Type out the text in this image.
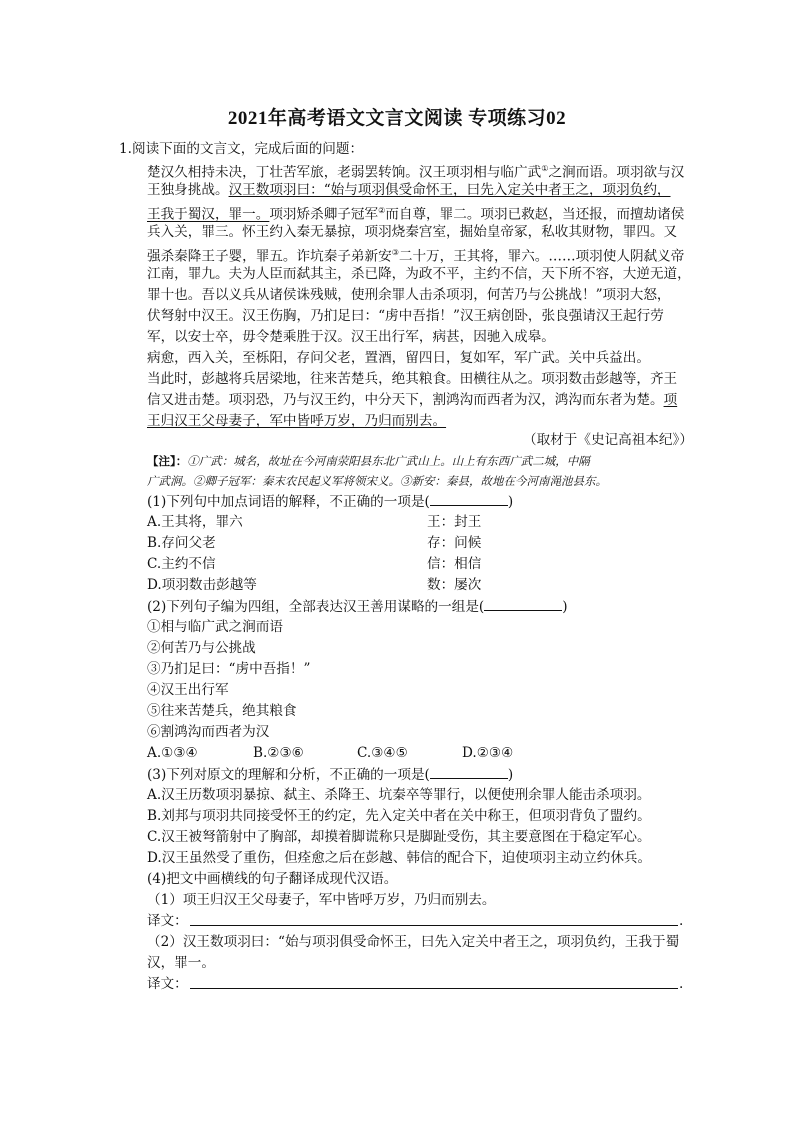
2021年高考语文文言文阅读 专项练习02
1.阅读下面的文言文，完成后面的问题：
楚汉久相持未决，丁壮苦军旅，老弱罢转饷。汉王项羽相与临广武①之涧而语。项羽欲与汉
王独身挑战。汉王数项羽曰：“始与项羽俱受命怀王，曰先入定关中者王之，项羽负约，
王我于蜀汉，罪一。项羽矫杀卿子冠军②而自尊，罪二。项羽已救赵，当还报，而擅劫诸侯
兵入关，罪三。怀王约入秦无暴掠，项羽烧秦宫室，掘始皇帝冢，私收其财物，罪四。又
强杀秦降王子婴，罪五。诈坑秦子弟新安③二十万，王其将，罪六。……项羽使人阴弑义帝
江南，罪九。夫为人臣而弑其主，杀已降，为政不平，主约不信，天下所不容，大逆无道，
罪十也。吾以义兵从诸侯诛残贼，使刑余罪人击杀项羽，何苦乃与公挑战！”项羽大怒，
伏弩射中汉王。汉王伤胸，乃扪足曰：“虏中吾指！”汉王病创卧，张良强请汉王起行劳
军，以安士卒，毋令楚乘胜于汉。汉王出行军，病甚，因驰入成皋。
病愈，西入关，至栎阳，存问父老，置酒，留四日，复如军，军广武。关中兵益出。
当此时，彭越将兵居梁地，往来苦楚兵，绝其粮食。田横往从之。项羽数击彭越等，齐王
信又进击楚。项羽恐，乃与汉王约，中分天下，割鸿沟而西者为汉，鸿沟而东者为楚。项
王归汉王父母妻子，军中皆呼万岁，乃归而别去。
（取材于《史记高祖本纪》）
【注】：①广武：城名，故址在今河南荥阳县东北广武山上。山上有东西广武二城，中隔
广武涧。②卿子冠军：秦末农民起义军将领宋义。③新安：秦县，故地在今河南渑池县东。
(1)下列句中加点词语的解释，不正确的一项是(	)
A.王其将，罪六	王：封王
B.存问父老	存：问候
C.主约不信	信：相信
D.项羽数击彭越等	数：屡次
(2)下列句子编为四组，全部表达汉王善用谋略的一组是(	)
①相与临广武之涧而语
②何苦乃与公挑战
③乃扪足曰：“虏中吾指！”
④汉王出行军
⑤往来苦楚兵，绝其粮食
⑥割鸿沟而西者为汉
A.①③④	B.②③⑥	C.③④⑤	D.②③④
(3)下列对原文的理解和分析，不正确的一项是(	)
A.汉王历数项羽暴掠、弑主、杀降王、坑秦卒等罪行，以便使刑余罪人能击杀项羽。
B.刘邦与项羽共同接受怀王的约定，先入定关中者在关中称王，但项羽背负了盟约。
C.汉王被弩箭射中了胸部，却摸着脚谎称只是脚趾受伤，其主要意图在于稳定军心。
D.汉王虽然受了重伤，但痊愈之后在彭越、韩信的配合下，迫使项羽主动立约休兵。
(4)把文中画横线的句子翻译成现代汉语。
（1）项王归汉王父母妻子，军中皆呼万岁，乃归而别去。
译文：	.
（2）汉王数项羽曰：“始与项羽俱受命怀王，曰先入定关中者王之，项羽负约，王我于蜀
汉，罪一。
译文：	.
